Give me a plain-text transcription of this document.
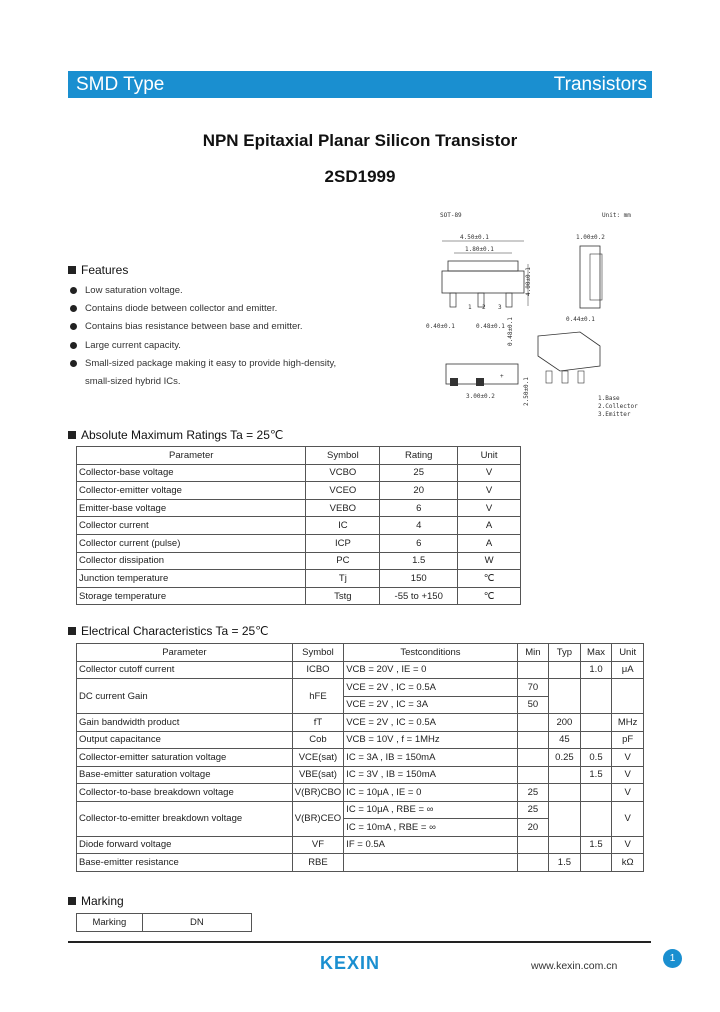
SMD Type	Transistors
NPN Epitaxial Planar Silicon Transistor
2SD1999
SOT-89	Unit: mm
4.50±0.1
1.80±0.1
1 2 3
0.40±0.1	0.48±0.1
4.00±0.1
0.48±0.1
1.00±0.2
0.44±0.1
+
3.00±0.2	2.50±0.1	1.Base
2.Collector
3.Emitter
Features
Low saturation voltage.
Contains diode between collector and emitter.
Contains bias resistance between base and emitter.
Large current capacity.
Small-sized package making it easy to provide high-density,
small-sized hybrid ICs.
Absolute Maximum Ratings Ta = 25℃
Parameter	Symbol	Rating	Unit
Collector-base voltage	VCBO	25	V
Collector-emitter voltage	VCEO	20	V
Emitter-base voltage	VEBO	6	V
Collector current	IC	4	A
Collector current (pulse)	ICP	6	A
Collector dissipation	PC	1.5	W
Junction temperature	Tj	150	℃
Storage temperature	Tstg	-55 to +150	℃
Electrical Characteristics Ta = 25℃
Parameter	Symbol	Testconditions	Min	Typ	Max	Unit
Collector cutoff current	ICBO	VCB = 20V , IE = 0			1.0	μA
DC current Gain	hFE	VCE = 2V , IC = 0.5A	70			
		VCE = 2V , IC = 3A	50			
Gain bandwidth product	fT	VCE = 2V , IC = 0.5A		200		MHz
Output capacitance	Cob	VCB = 10V , f = 1MHz		45		pF
Collector-emitter saturation voltage	VCE(sat)	IC = 3A , IB = 150mA		0.25	0.5	V
Base-emitter saturation voltage	VBE(sat)	IC = 3V , IB = 150mA			1.5	V
Collector-to-base breakdown voltage	V(BR)CBO	IC = 10μA , IE = 0	25			V
Collector-to-emitter breakdown voltage	V(BR)CEO	IC = 10μA , RBE = ∞	25			V
		IC = 10mA , RBE = ∞	20			
Diode forward voltage	VF	IF = 0.5A			1.5	V
Base-emitter resistance	RBE			1.5		kΩ
Marking
Marking	DN
1
KEXIN	www.kexin.com.cn
